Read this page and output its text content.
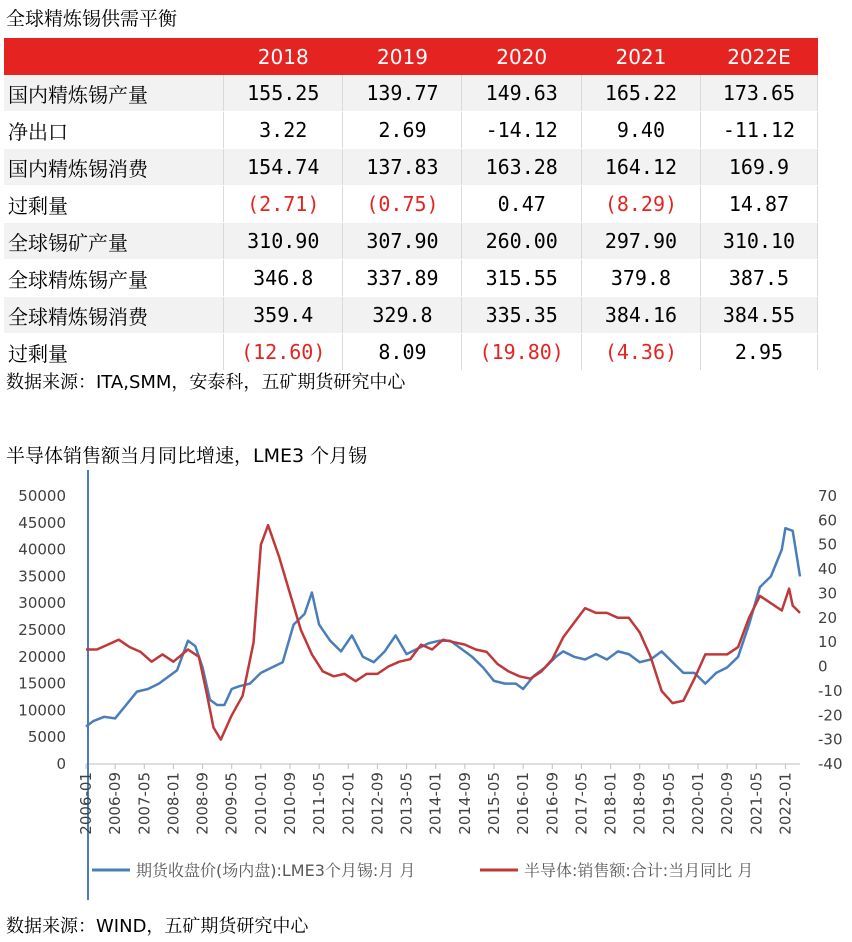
全球精炼锡供需平衡
	2018	2019	2020	2021	2022E
国内精炼锡产量	155.25	139.77	149.63	165.22	173.65
净出口	3.22	2.69	-14.12	9.40	-11.12
国内精炼锡消费	154.74	137.83	163.28	164.12	169.9
过剩量	(2.71)	(0.75)	0.47	(8.29)	14.87
全球锡矿产量	310.90	307.90	260.00	297.90	310.10
全球精炼锡产量	346.8	337.89	315.55	379.8	387.5
全球精炼锡消费	359.4	329.8	335.35	384.16	384.55
过剩量	(12.60)	8.09	(19.80)	(4.36)	2.95
数据来源：ITA,SMM，安泰科，五矿期货研究中心
半导体销售额当月同比增速，LME3 个月锡
0
5000
10000
15000
20000
25000
30000
35000
40000
45000
50000
-40
-30
-20
-10
0
10
20
30
40
50
60
70
2006-01 2006-09 2007-05 2008-01 2008-09 2009-05 2010-01 2010-09 2011-05 2012-01 2012-09 2013-05 2014-01 2014-09 2015-05 2016-01 2016-09 2017-05 2018-01 2018-09 2019-05 2020-01 2020-09 2021-05 2022-01
期货收盘价(场内盘):LME3个月锡:月 月	半导体:销售额:合计:当月同比 月
数据来源：WIND，五矿期货研究中心
